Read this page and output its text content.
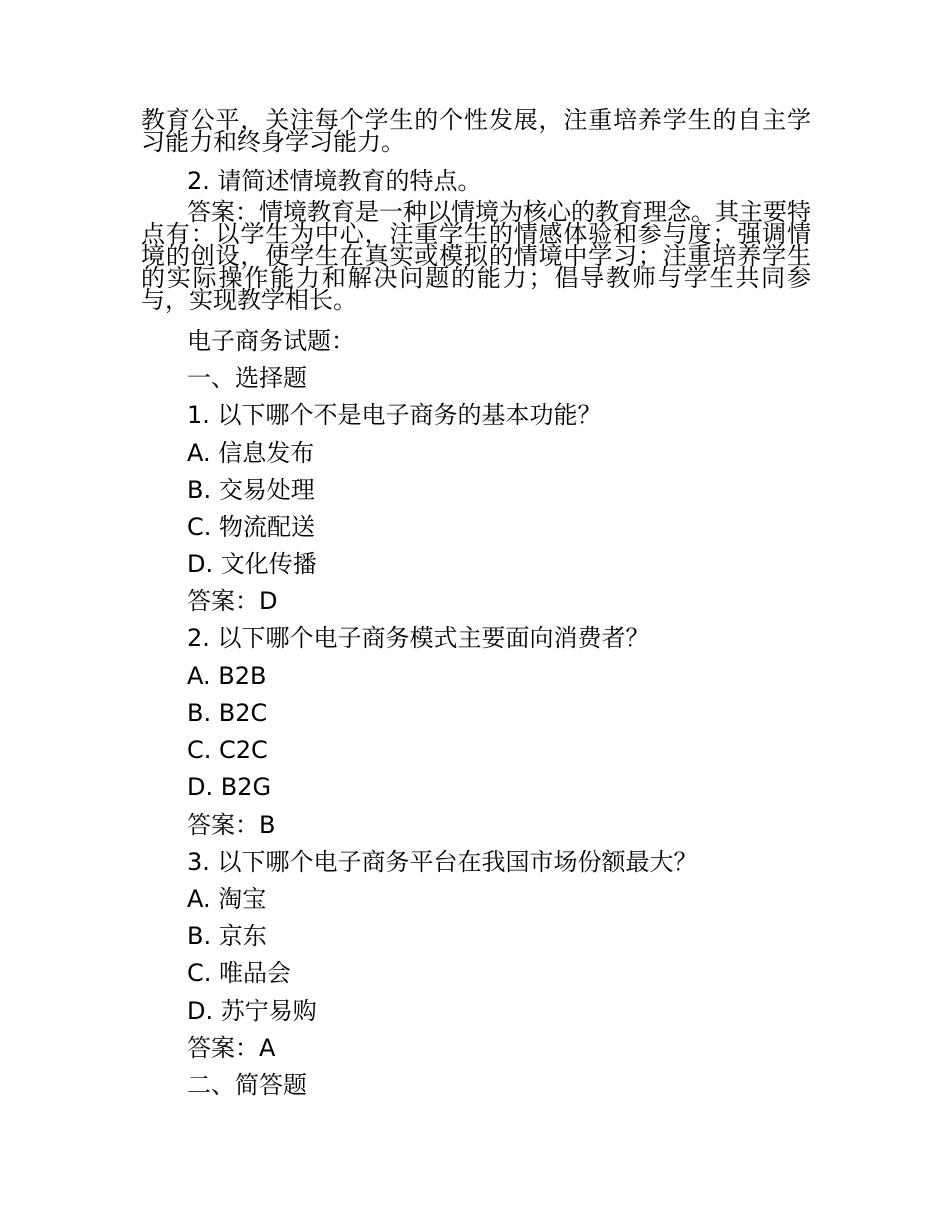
教育公平，关注每个学生的个性发展，注重培养学生的自主学习能力和终身学习能力。
2. 请简述情境教育的特点。
答案：情境教育是一种以情境为核心的教育理念。其主要特点有：以学生为中心，注重学生的情感体验和参与度；强调情境的创设，使学生在真实或模拟的情境中学习；注重培养学生的实际操作能力和解决问题的能力；倡导教师与学生共同参与，实现教学相长。
电子商务试题：
一、选择题
1. 以下哪个不是电子商务的基本功能？
A. 信息发布
B. 交易处理
C. 物流配送
D. 文化传播
答案：D
2. 以下哪个电子商务模式主要面向消费者？
A. B2B
B. B2C
C. C2C
D. B2G
答案：B
3. 以下哪个电子商务平台在我国市场份额最大？
A. 淘宝
B. 京东
C. 唯品会
D. 苏宁易购
答案：A
二、简答题
